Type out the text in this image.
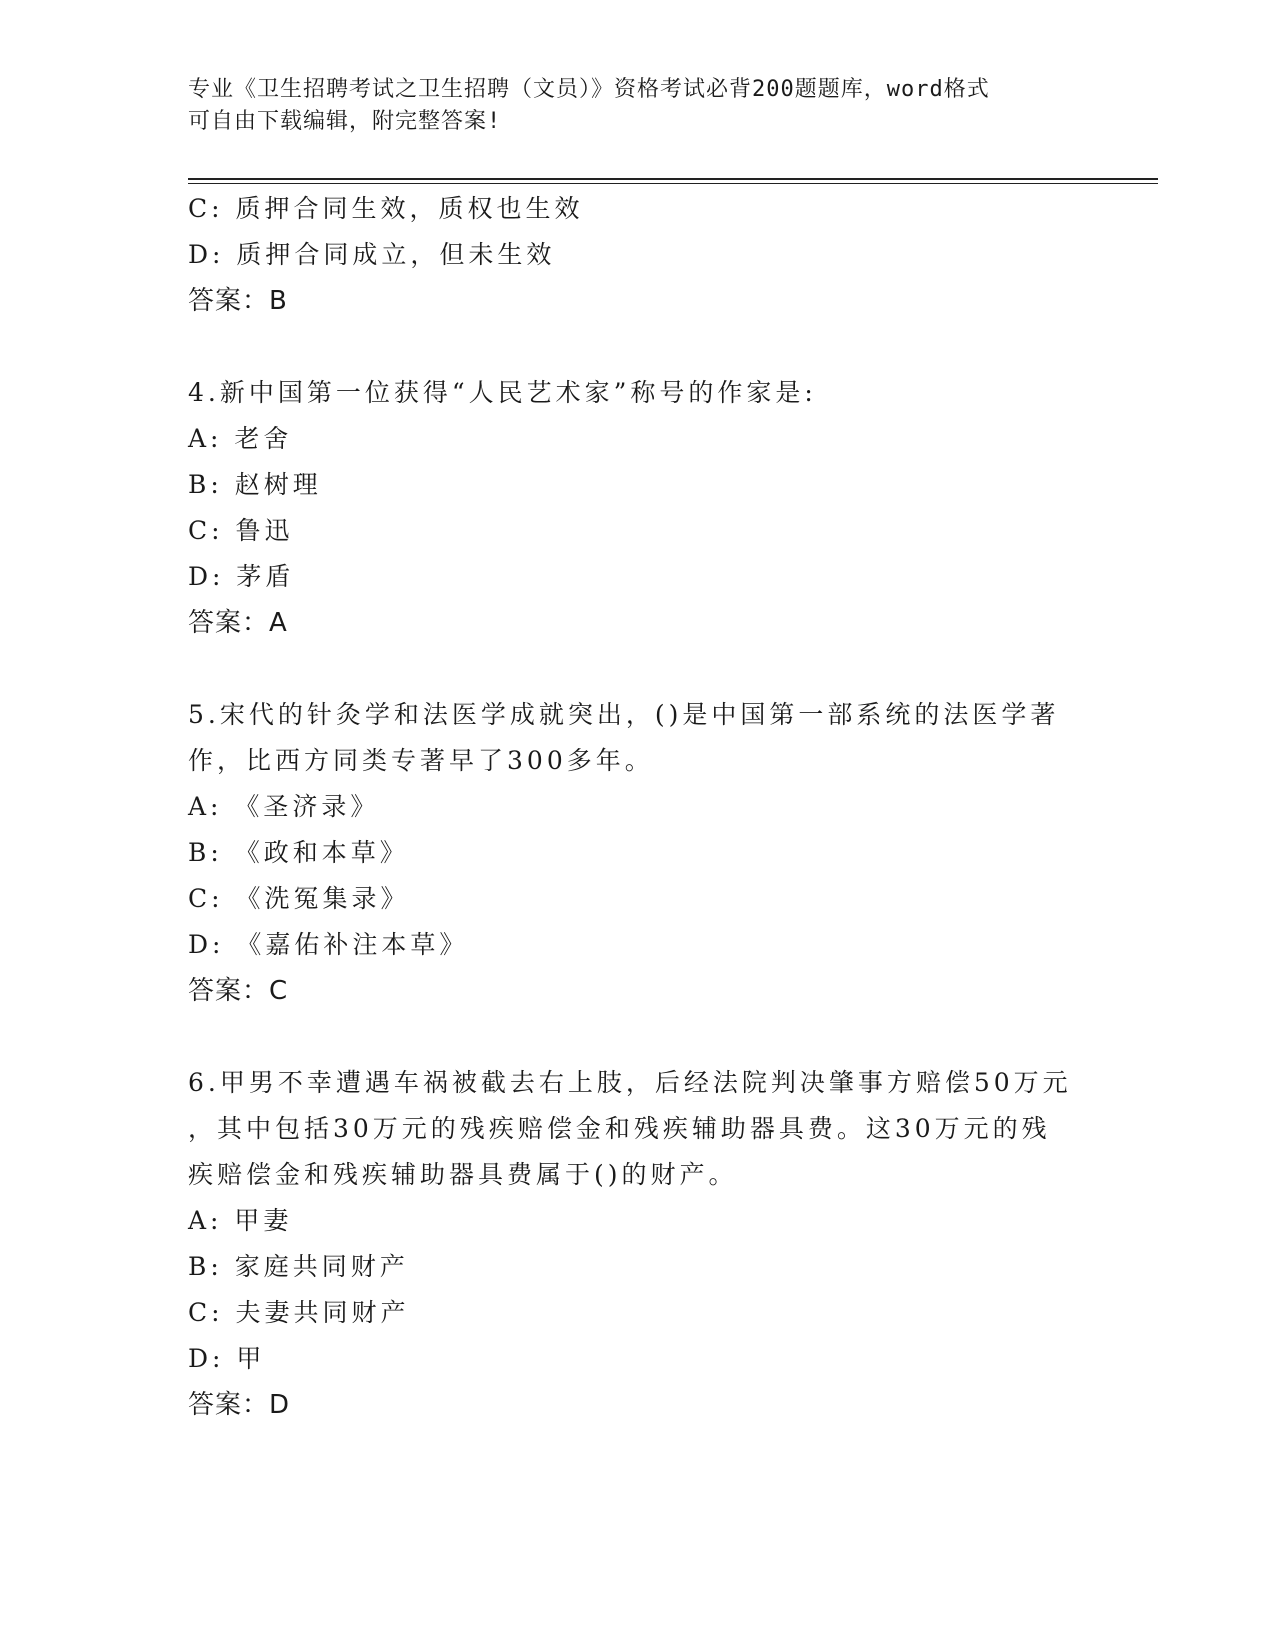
专业《卫生招聘考试之卫生招聘（文员）》资格考试必背200题题库，word格式
可自由下载编辑，附完整答案!
C: 质押合同生效，质权也生效
D: 质押合同成立，但未生效
答案：B
4.新中国第一位获得“人民艺术家”称号的作家是:
A: 老舍
B: 赵树理
C: 鲁迅
D: 茅盾
答案：A
5.宋代的针灸学和法医学成就突出，()是中国第一部系统的法医学著
作，比西方同类专著早了300多年。
A: 《圣济录》
B: 《政和本草》
C: 《洗冤集录》
D: 《嘉佑补注本草》
答案：C
6.甲男不幸遭遇车祸被截去右上肢，后经法院判决肇事方赔偿50万元
，其中包括30万元的残疾赔偿金和残疾辅助器具费。这30万元的残
疾赔偿金和残疾辅助器具费属于()的财产。
A: 甲妻
B: 家庭共同财产
C: 夫妻共同财产
D: 甲
答案：D
